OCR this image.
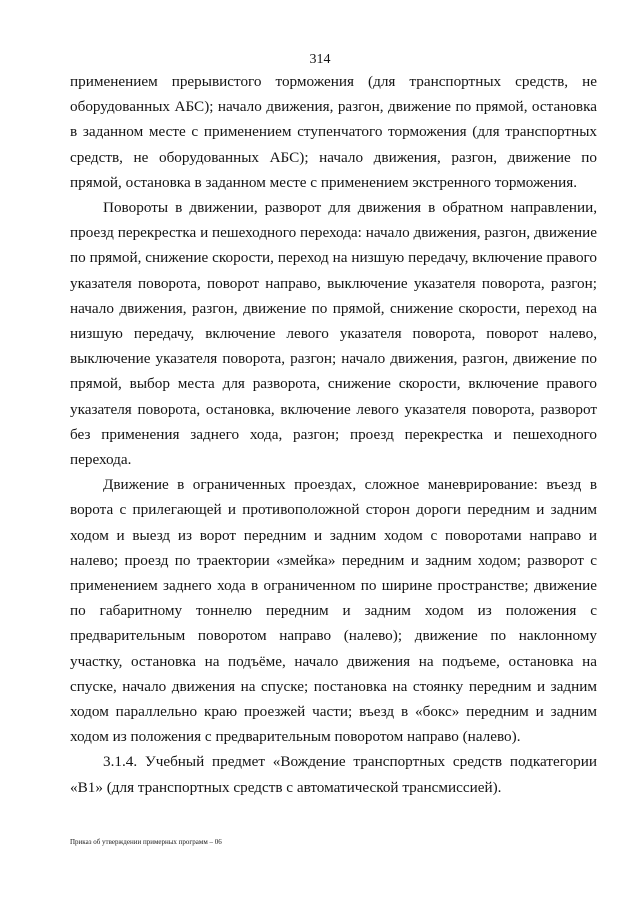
314

применением прерывистого торможения (для транспортных средств, не оборудованных АБС); начало движения, разгон, движение по прямой, остановка в заданном месте с применением ступенчатого торможения (для транспортных средств, не оборудованных АБС); начало движения, разгон, движение по прямой, остановка в заданном месте с применением экстренного торможения.

Повороты в движении, разворот для движения в обратном направлении, проезд перекрестка и пешеходного перехода: начало движения, разгон, движение по прямой, снижение скорости, переход на низшую передачу, включение правого указателя поворота, поворот направо, выключение указателя поворота, разгон; начало движения, разгон, движение по прямой, снижение скорости, переход на низшую передачу, включение левого указателя поворота, поворот налево, выключение указателя поворота, разгон; начало движения, разгон, движение по прямой, выбор места для разворота, снижение скорости, включение правого указателя поворота, остановка, включение левого указателя поворота, разворот без применения заднего хода, разгон; проезд перекрестка и пешеходного перехода.

Движение в ограниченных проездах, сложное маневрирование: въезд в ворота с прилегающей и противоположной сторон дороги передним и задним ходом и выезд из ворот передним и задним ходом с поворотами направо и налево; проезд по траектории «змейка» передним и задним ходом; разворот с применением заднего хода в ограниченном по ширине пространстве; движение по габаритному тоннелю передним и задним ходом из положения с предварительным поворотом направо (налево); движение по наклонному участку, остановка на подъёме, начало движения на подъеме, остановка на спуске, начало движения на спуске; постановка на стоянку передним и задним ходом параллельно краю проезжей части; въезд в «бокс» передним и задним ходом из положения с предварительным поворотом направо (налево).

3.1.4. Учебный предмет «Вождение транспортных средств подкатегории «B1» (для транспортных средств с автоматической трансмиссией).

Приказ об утверждении примерных программ – 06
